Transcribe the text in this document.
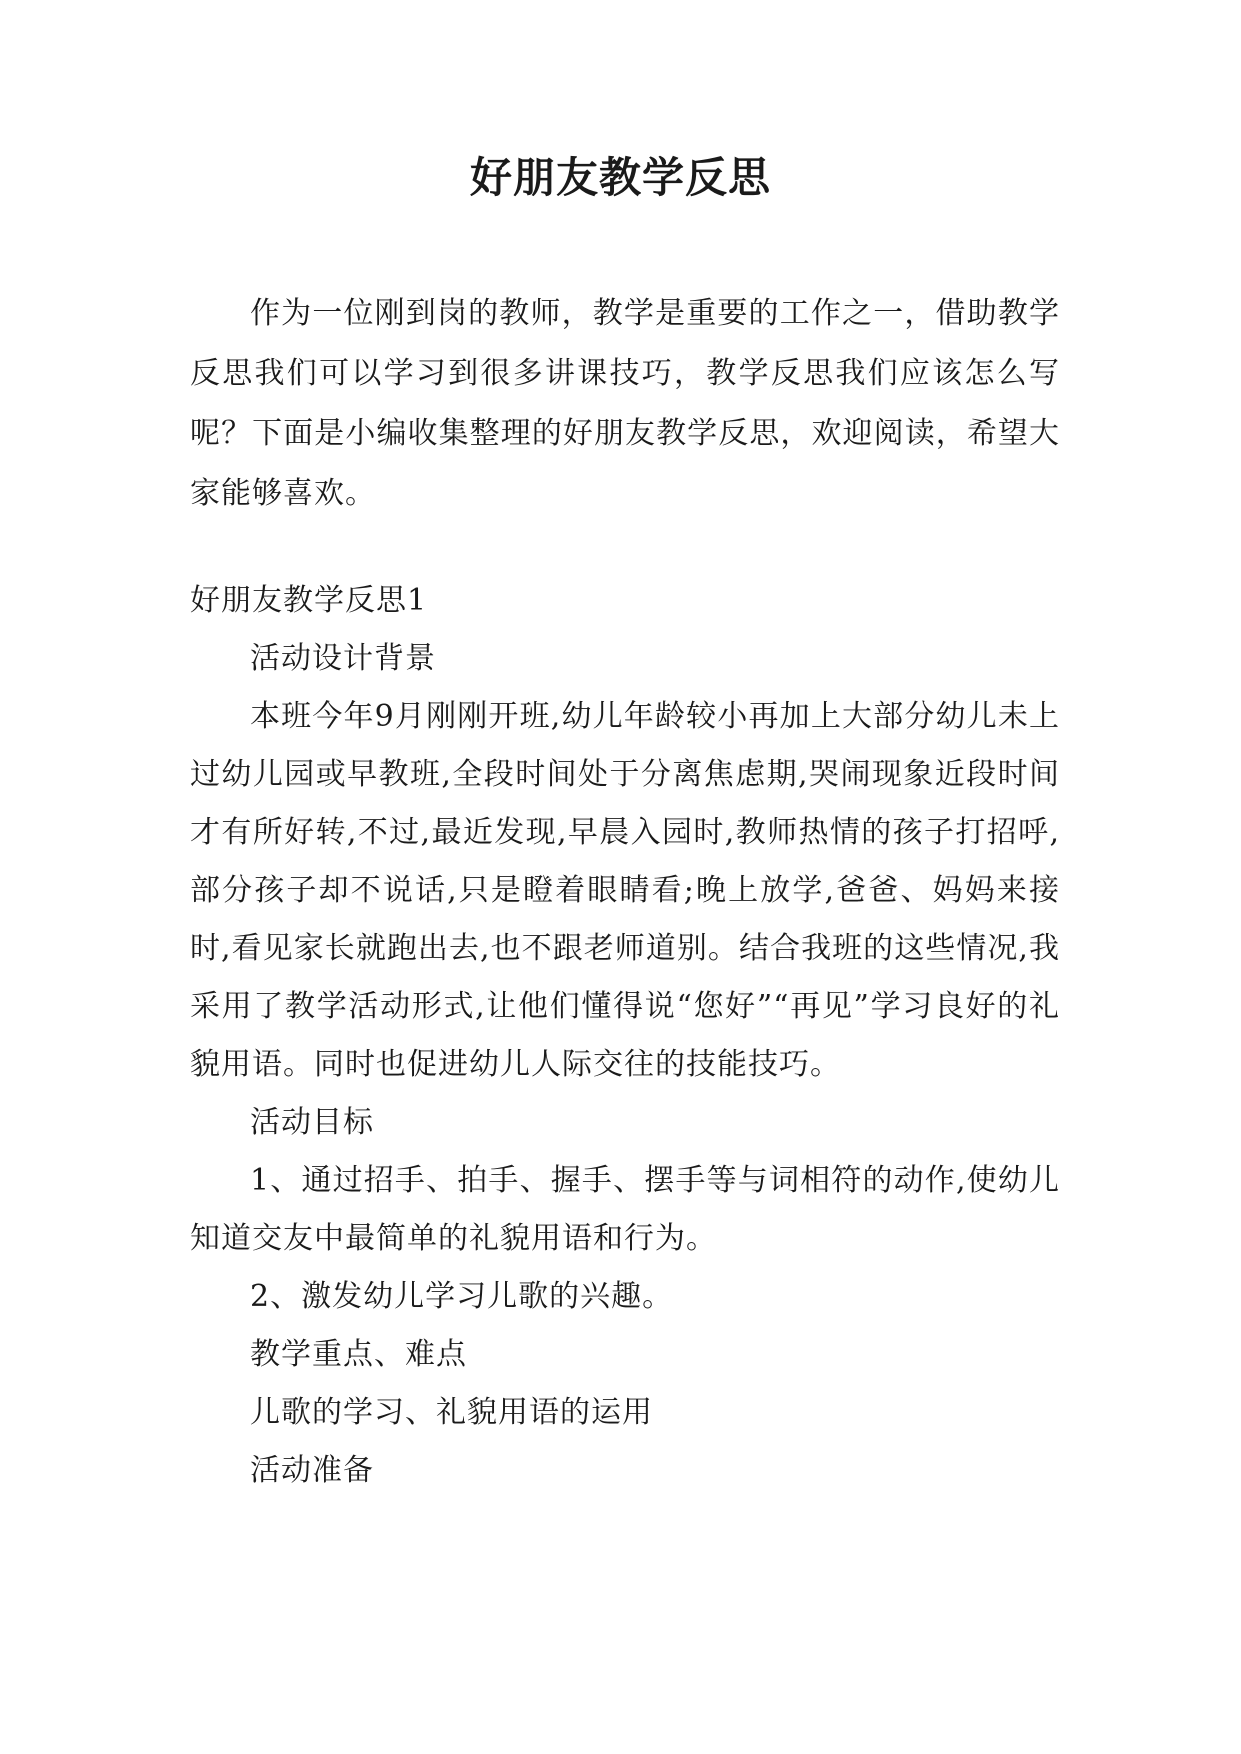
好朋友教学反思

作为一位刚到岗的教师，教学是重要的工作之一，借助教学反思我们可以学习到很多讲课技巧，教学反思我们应该怎么写呢？下面是小编收集整理的好朋友教学反思，欢迎阅读，希望大家能够喜欢。

好朋友教学反思1

活动设计背景

本班今年9月刚刚开班,幼儿年龄较小再加上大部分幼儿未上过幼儿园或早教班,全段时间处于分离焦虑期,哭闹现象近段时间才有所好转,不过,最近发现,早晨入园时,教师热情的孩子打招呼,部分孩子却不说话,只是瞪着眼睛看;晚上放学,爸爸、妈妈来接时,看见家长就跑出去,也不跟老师道别。结合我班的这些情况,我采用了教学活动形式,让他们懂得说“您好”“再见”学习良好的礼貌用语。同时也促进幼儿人际交往的技能技巧。

活动目标

1、通过招手、拍手、握手、摆手等与词相符的动作,使幼儿知道交友中最简单的礼貌用语和行为。

2、激发幼儿学习儿歌的兴趣。

教学重点、难点

儿歌的学习、礼貌用语的运用

活动准备
